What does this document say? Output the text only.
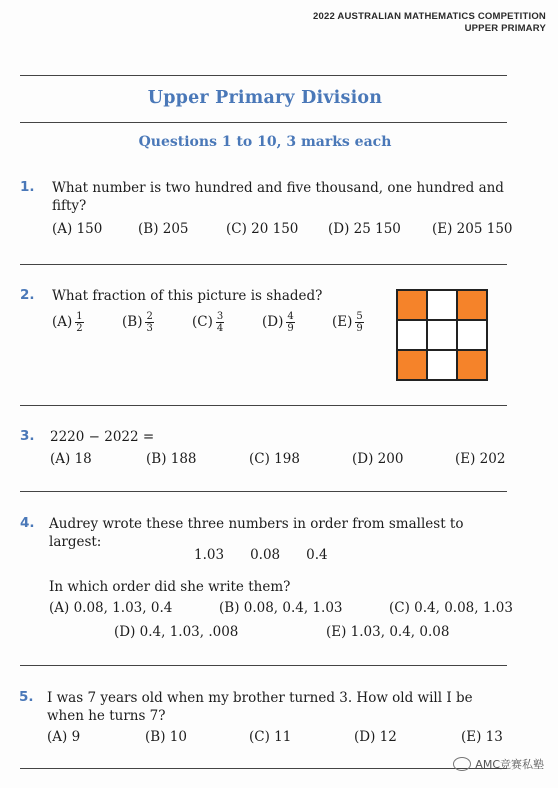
2022 AUSTRALIAN MATHEMATICS COMPETITION
UPPER PRIMARY
Upper Primary Division
Questions 1 to 10, 3 marks each
1. What number is two hundred and five thousand, one hundred and fifty?
(A) 150	(B) 205	(C) 20 150 (D) 25 150 (E) 205 150
2. What fraction of this picture is shaded?
$(A) \frac{1}{2}$	$(B) \frac{2}{3}$	$(C) \frac{3}{4}$	$(D) \frac{4}{9}$	$(E) \frac{5}{9}$
3. 2220 − 2022 =
(A) 18	(B) 188	(C) 198	(D) 200	(E) 202
4. Audrey wrote these three numbers in order from smallest to largest:
1.03 0.08 0.4
In which order did she write them?
(A) 0.08, 1.03, 0.4	(B) 0.08, 0.4, 1.03	(C) 0.4, 0.08, 1.03
(D) 0.4, 1.03, .008	(E) 1.03, 0.4, 0.08
5. I was 7 years old when my brother turned 3. How old will I be when he turns 7?
(A) 9	(B) 10	(C) 11	(D) 12	(E) 13
AMC竞赛私塾
